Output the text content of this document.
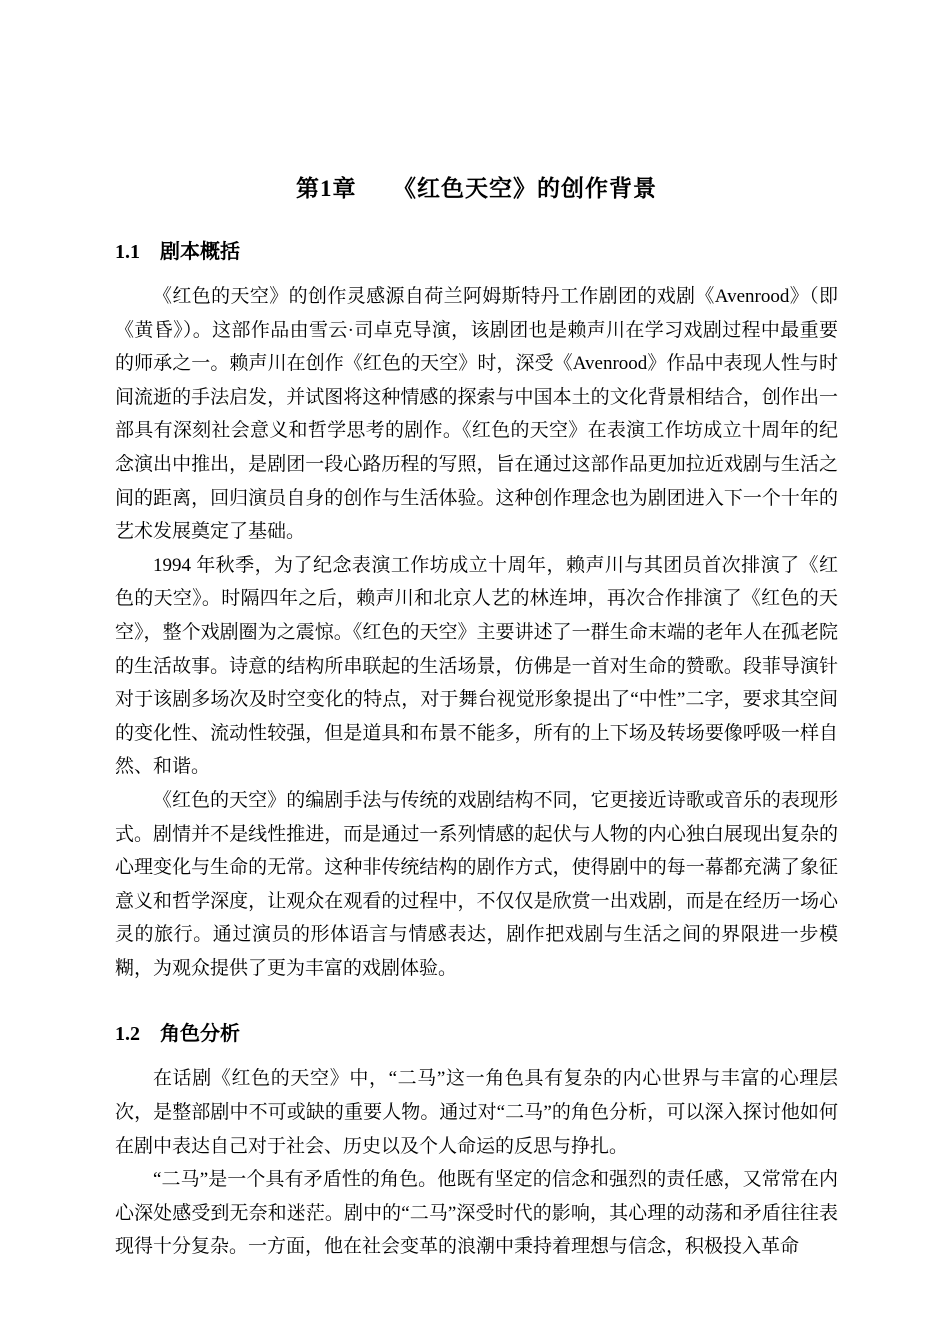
第1章　　《红色天空》的创作背景
1.1　剧本概括

《红色的天空》的创作灵感源自荷兰阿姆斯特丹工作剧团的戏剧《Avenrood》（即《黄昏》）。这部作品由雪云·司卓克导演，该剧团也是赖声川在学习戏剧过程中最重要的师承之一。赖声川在创作《红色的天空》时，深受《Avenrood》作品中表现人性与时间流逝的手法启发，并试图将这种情感的探索与中国本土的文化背景相结合，创作出一部具有深刻社会意义和哲学思考的剧作。《红色的天空》在表演工作坊成立十周年的纪念演出中推出，是剧团一段心路历程的写照，旨在通过这部作品更加拉近戏剧与生活之间的距离，回归演员自身的创作与生活体验。这种创作理念也为剧团进入下一个十年的艺术发展奠定了基础。

1994 年秋季，为了纪念表演工作坊成立十周年，赖声川与其团员首次排演了《红色的天空》。时隔四年之后，赖声川和北京人艺的林连坤，再次合作排演了《红色的天空》，整个戏剧圈为之震惊。《红色的天空》主要讲述了一群生命末端的老年人在孤老院的生活故事。诗意的结构所串联起的生活场景，仿佛是一首对生命的赞歌。段菲导演针对于该剧多场次及时空变化的特点，对于舞台视觉形象提出了“中性”二字，要求其空间的变化性、流动性较强，但是道具和布景不能多，所有的上下场及转场要像呼吸一样自然、和谐。

《红色的天空》的编剧手法与传统的戏剧结构不同，它更接近诗歌或音乐的表现形式。剧情并不是线性推进，而是通过一系列情感的起伏与人物的内心独白展现出复杂的心理变化与生命的无常。这种非传统结构的剧作方式，使得剧中的每一幕都充满了象征意义和哲学深度，让观众在观看的过程中，不仅仅是欣赏一出戏剧，而是在经历一场心灵的旅行。通过演员的形体语言与情感表达，剧作把戏剧与生活之间的界限进一步模糊，为观众提供了更为丰富的戏剧体验。

1.2　角色分析

在话剧《红色的天空》中，“二马”这一角色具有复杂的内心世界与丰富的心理层次，是整部剧中不可或缺的重要人物。通过对“二马”的角色分析，可以深入探讨他如何在剧中表达自己对于社会、历史以及个人命运的反思与挣扎。

“二马”是一个具有矛盾性的角色。他既有坚定的信念和强烈的责任感，又常常在内心深处感受到无奈和迷茫。剧中的“二马”深受时代的影响，其心理的动荡和矛盾往往表现得十分复杂。一方面，他在社会变革的浪潮中秉持着理想与信念，积极投入革命
